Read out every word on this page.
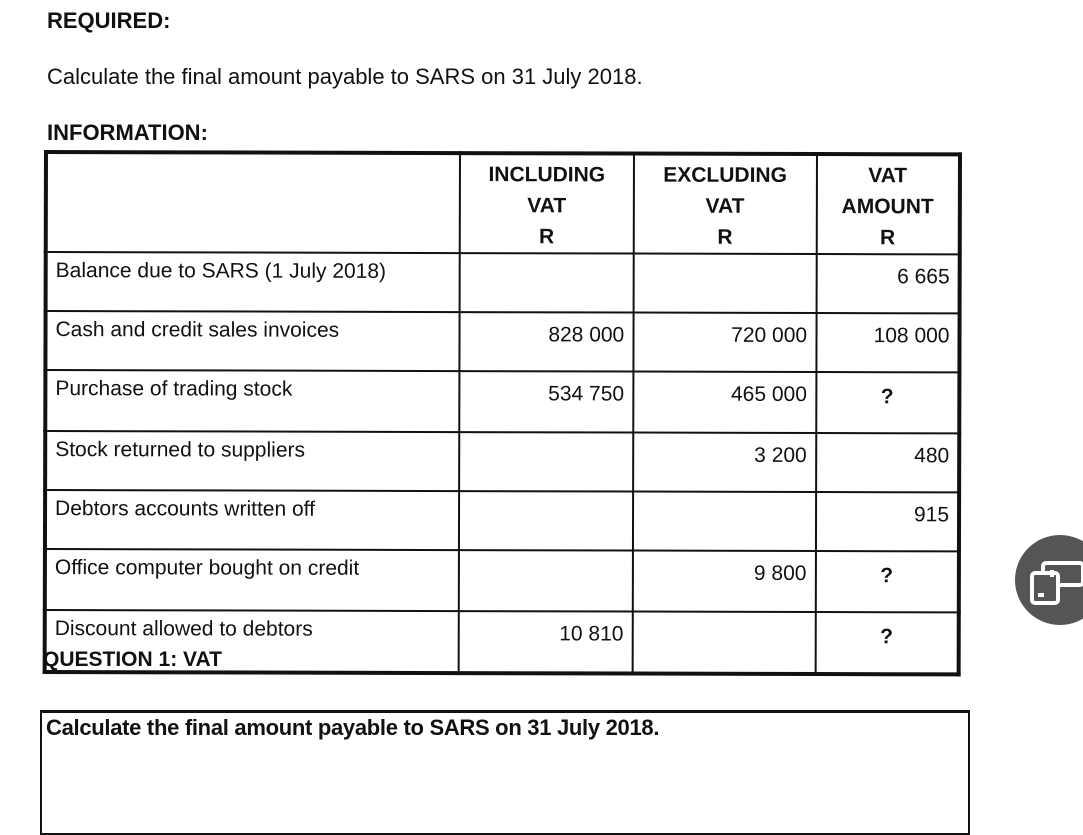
REQUIRED:
Calculate the final amount payable to SARS on 31 July 2018.
INFORMATION:

INCLUDING
VAT
R

EXCLUDING
VAT
R

VAT
AMOUNT
R

Balance due to SARS (1 July 2018)			6 665
Cash and credit sales invoices	828 000	720 000	108 000
Purchase of trading stock	534 750	465 000	?
Stock returned to suppliers		3 200	480
Debtors accounts written off			915
Office computer bought on credit		9 800	?
Discount allowed to debtors	10 810		?
QUESTION 1: VAT
Calculate the final amount payable to SARS on 31 July 2018.
